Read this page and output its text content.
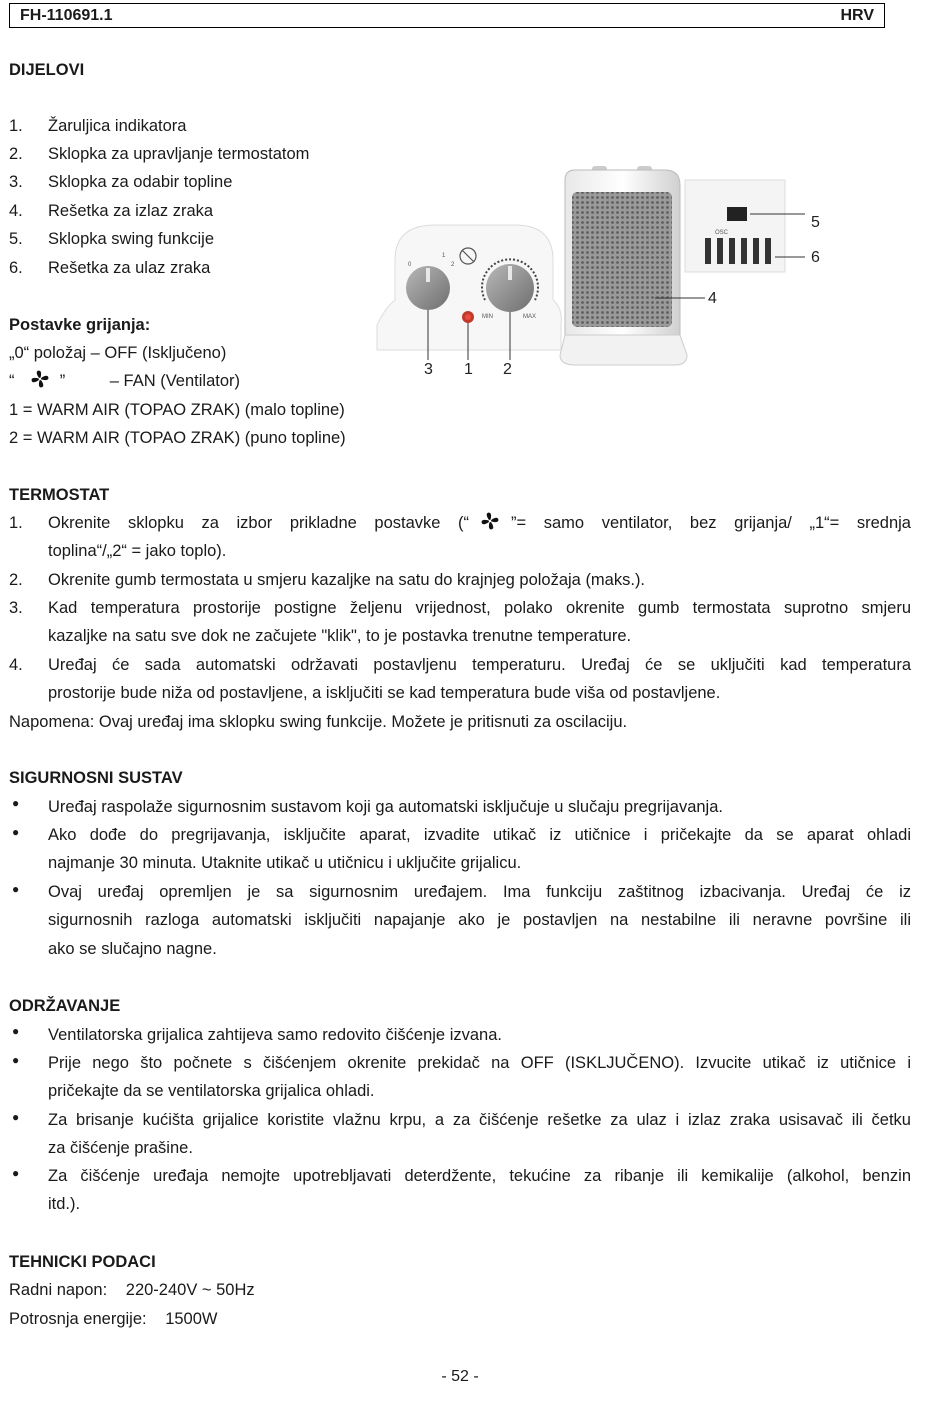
FH-110691.1	HRV
DIJELOVI
1.	Žaruljica indikatora
2.	Sklopka za upravljanje termostatom
3.	Sklopka za odabir topline
4.	Rešetka za izlaz zraka
5.	Sklopka swing funkcije
6.	Rešetka za ulaz zraka
Postavke grijanja:
„0“ položaj – OFF (Isključeno)
“	”	– FAN (Ventilator)
1 = WARM AIR (TOPAO ZRAK) (malo topline)
2 = WARM AIR (TOPAO ZRAK) (puno topline)
0	2
1
MIN	MAX
OSC
5
6
4
3 1 2
TERMOSTAT
1.	Okrenite sklopku za izbor prikladne postavke (“	”= samo ventilator, bez grijanja/ „1“= srednja
toplina“/„2“ = jako toplo).
2.	Okrenite gumb termostata u smjeru kazaljke na satu do krajnjeg položaja (maks.).
3.	Kad temperatura prostorije postigne željenu vrijednost, polako okrenite gumb termostata suprotno smjeru
kazaljke na satu sve dok ne začujete "klik", to je postavka trenutne temperature.
4.	Uređaj će sada automatski održavati postavljenu temperaturu. Uređaj će se uključiti kad temperatura
prostorije bude niža od postavljene, a isključiti se kad temperatura bude viša od postavljene.
Napomena: Ovaj uređaj ima sklopku swing funkcije. Možete je pritisnuti za oscilaciju.
SIGURNOSNI SUSTAV
● Uređaj raspolaže sigurnosnim sustavom koji ga automatski isključuje u slučaju pregrijavanja.
● Ako dođe do pregrijavanja, isključite aparat, izvadite utikač iz utičnice i pričekajte da se aparat ohladi
najmanje 30 minuta. Utaknite utikač u utičnicu i uključite grijalicu.
● Ovaj uređaj opremljen je sa sigurnosnim uređajem. Ima funkciju zaštitnog izbacivanja. Uređaj će iz
sigurnosnih razloga automatski isključiti napajanje ako je postavljen na nestabilne ili neravne površine ili
ako se slučajno nagne.
ODRŽAVANJE
● Ventilatorska grijalica zahtijeva samo redovito čišćenje izvana.
● Prije nego što počnete s čišćenjem okrenite prekidač na OFF (ISKLJUČENO). Izvucite utikač iz utičnice i
pričekajte da se ventilatorska grijalica ohladi.
● Za brisanje kućišta grijalice koristite vlažnu krpu, a za čišćenje rešetke za ulaz i izlaz zraka usisavač ili četku
za čišćenje prašine.
● Za čišćenje uređaja nemojte upotrebljavati deterdžente, tekućine za ribanje ili kemikalije (alkohol, benzin
itd.).
TEHNICKI PODACI
Radni napon: 220-240V ~ 50Hz
Potrosnja energije: 1500W
- 52 -
